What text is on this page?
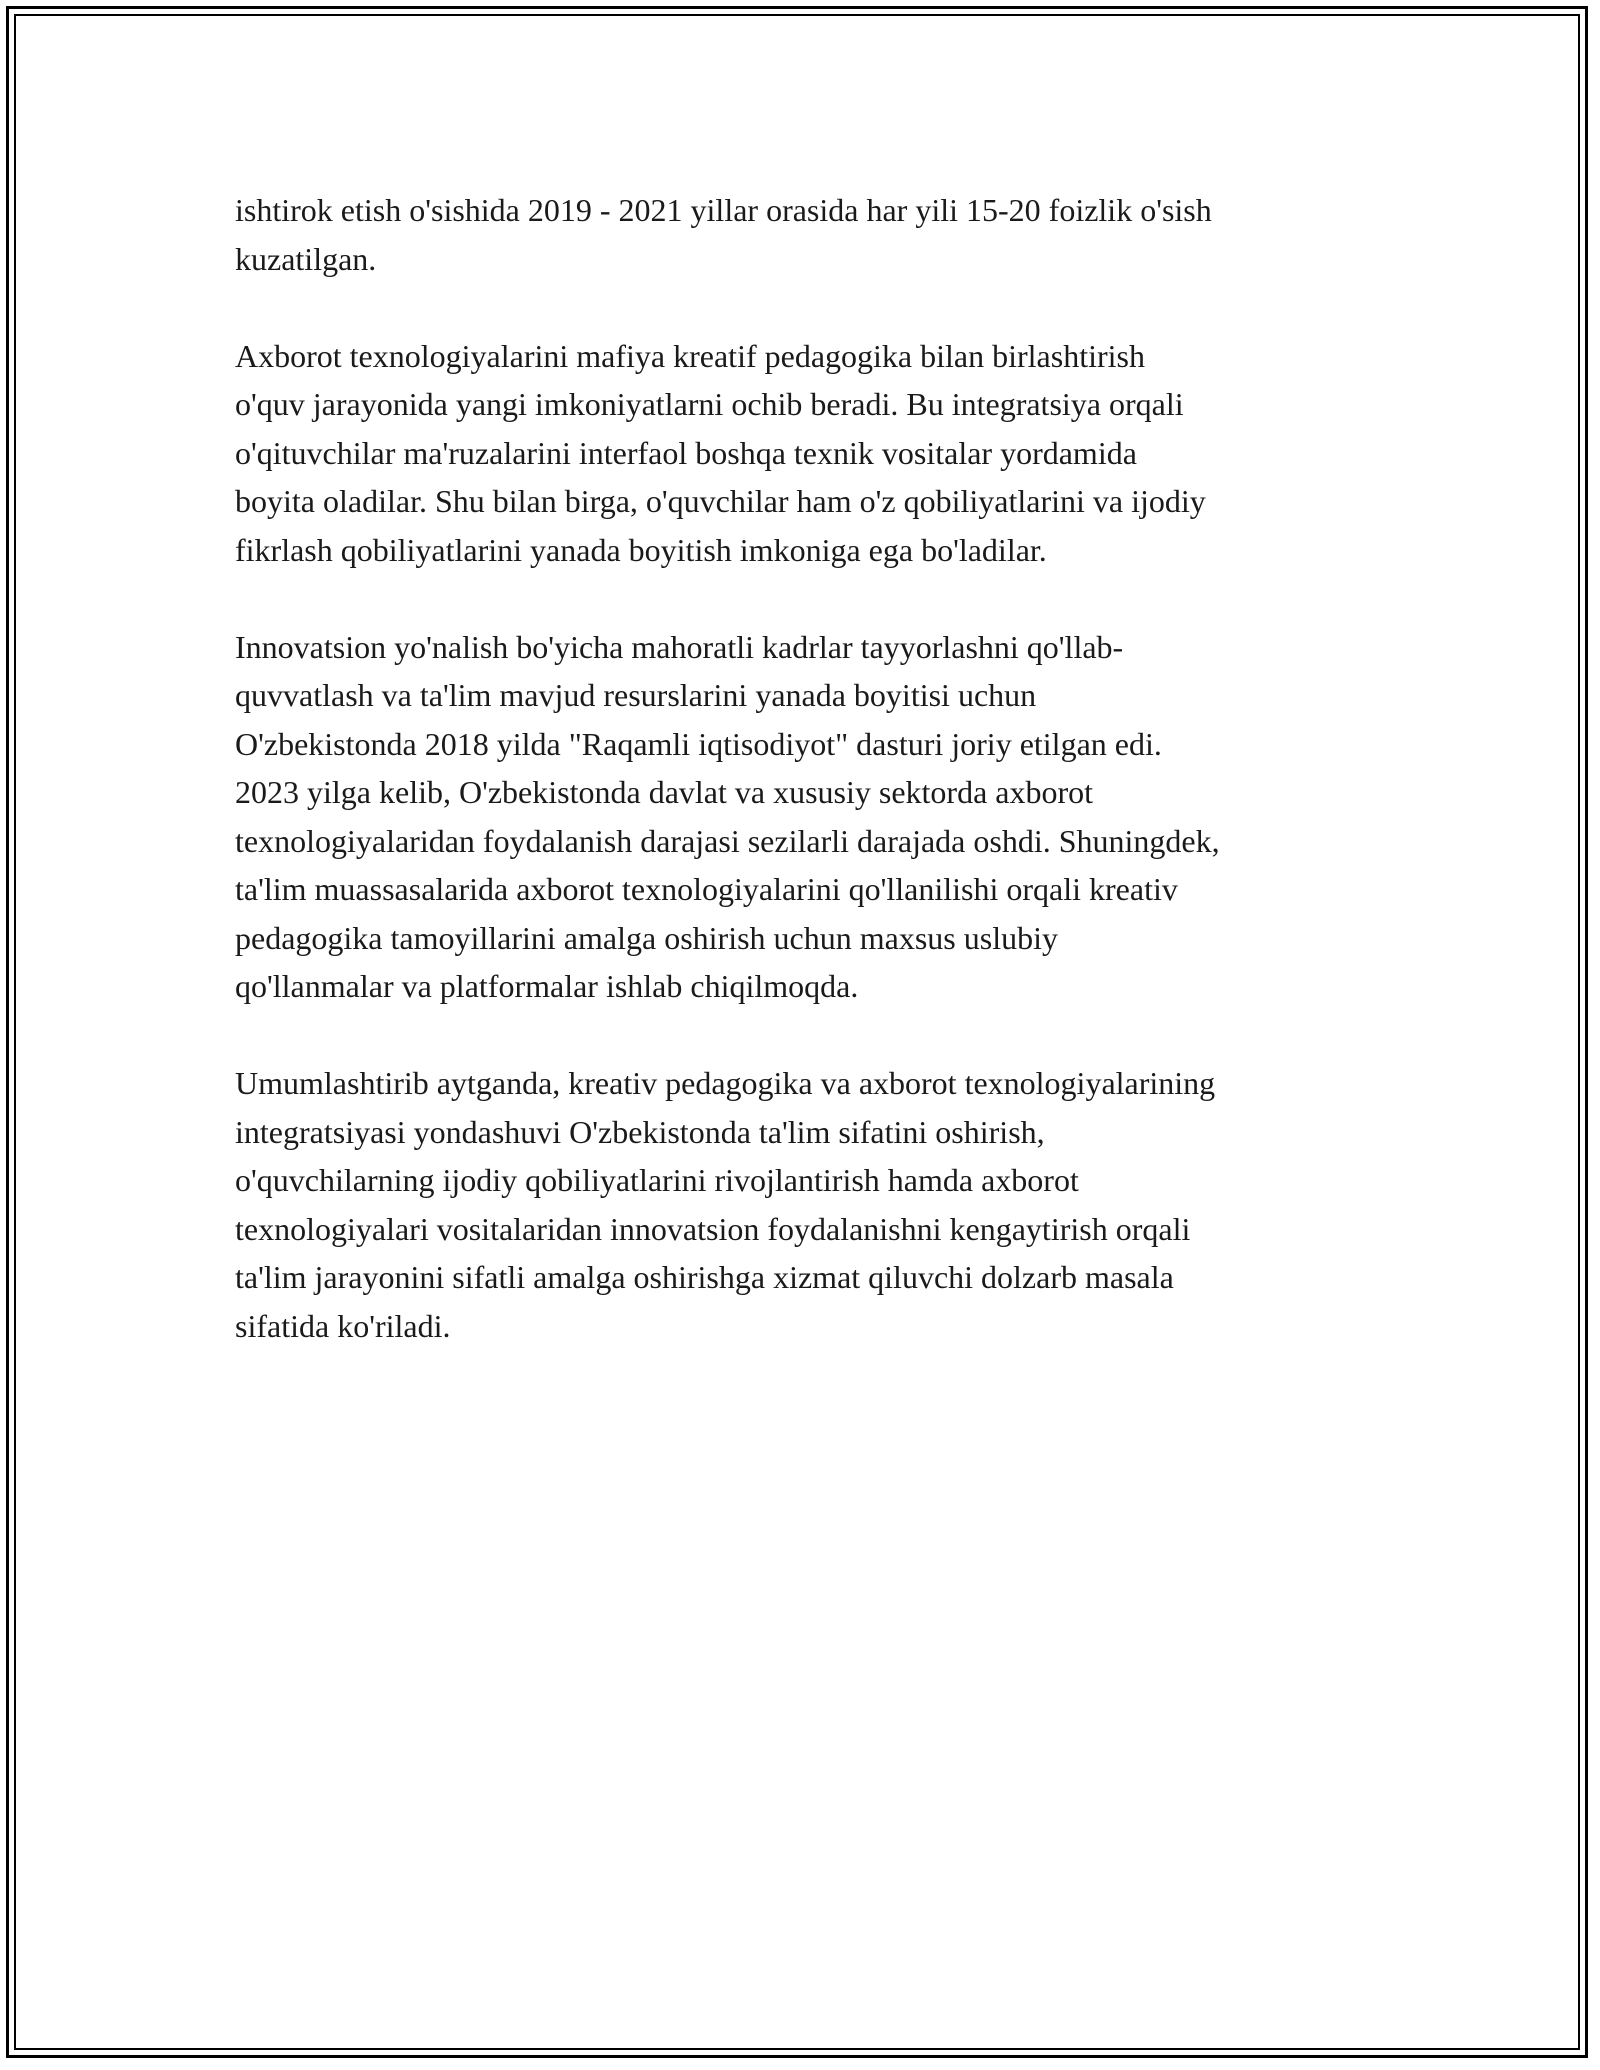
ishtirok etish o'sishida 2019 - 2021 yillar orasida har yili 15-20 foizlik o'sish
kuzatilgan.

Axborot texnologiyalarini mafiya kreatif pedagogika bilan birlashtirish
o'quv jarayonida yangi imkoniyatlarni ochib beradi. Bu integratsiya orqali
o'qituvchilar ma'ruzalarini interfaol boshqa texnik vositalar yordamida
boyita oladilar. Shu bilan birga, o'quvchilar ham o'z qobiliyatlarini va ijodiy
fikrlash qobiliyatlarini yanada boyitish imkoniga ega bo'ladilar.

Innovatsion yo'nalish bo'yicha mahoratli kadrlar tayyorlashni qo'llab-
quvvatlash va ta'lim mavjud resurslarini yanada boyitisi uchun
O'zbekistonda 2018 yilda "Raqamli iqtisodiyot" dasturi joriy etilgan edi.
2023 yilga kelib, O'zbekistonda davlat va xususiy sektorda axborot
texnologiyalaridan foydalanish darajasi sezilarli darajada oshdi. Shuningdek,
ta'lim muassasalarida axborot texnologiyalarini qo'llanilishi orqali kreativ
pedagogika tamoyillarini amalga oshirish uchun maxsus uslubiy
qo'llanmalar va platformalar ishlab chiqilmoqda.

Umumlashtirib aytganda, kreativ pedagogika va axborot texnologiyalarining
integratsiyasi yondashuvi O'zbekistonda ta'lim sifatini oshirish,
o'quvchilarning ijodiy qobiliyatlarini rivojlantirish hamda axborot
texnologiyalari vositalaridan innovatsion foydalanishni kengaytirish orqali
ta'lim jarayonini sifatli amalga oshirishga xizmat qiluvchi dolzarb masala
sifatida ko'riladi.
